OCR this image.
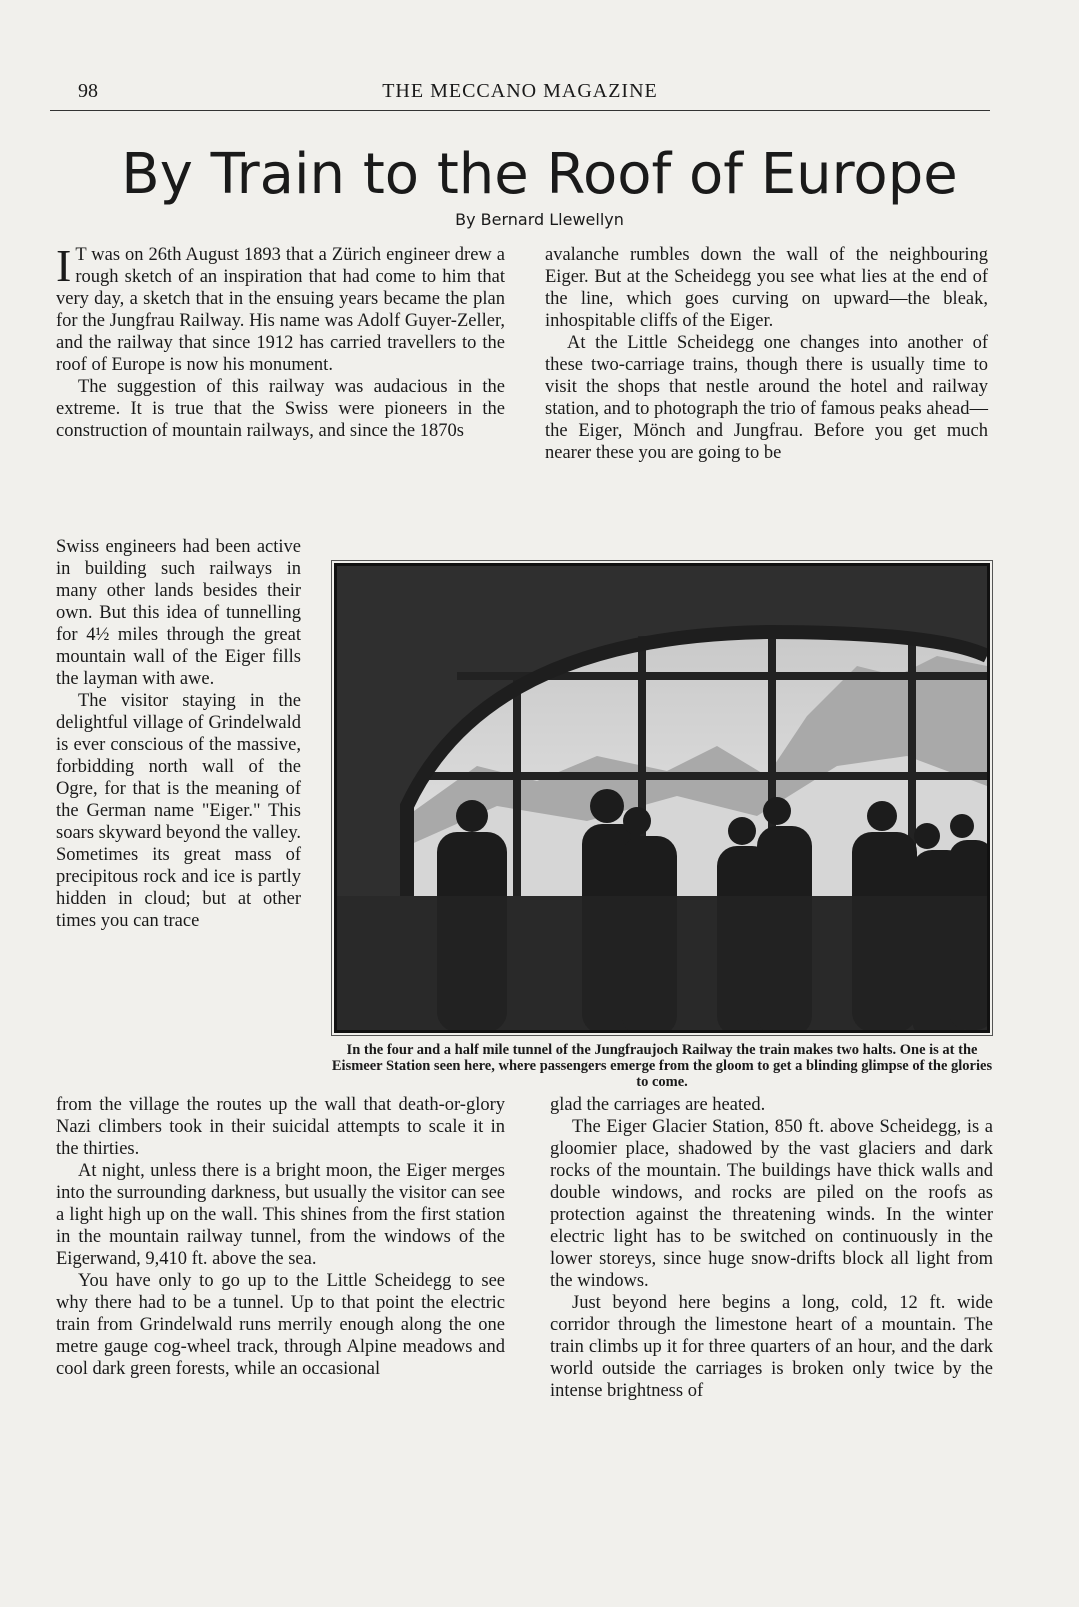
98	THE MECCANO MAGAZINE
By Train to the Roof of Europe
By Bernard Llewellyn

I T was on 26th August 1893 that a Zürich engineer drew a rough sketch of an inspiration that had come to him that very day, a sketch that in the ensuing years became the plan for the Jungfrau Railway. His name was Adolf Guyer-Zeller, and the railway that since 1912 has carried travellers to the roof of Europe is now his monument.

The suggestion of this railway was audacious in the extreme. It is true that the Swiss were pioneers in the construction of mountain railways, and since the 1870s

Swiss engineers had been active in building such railways in many other lands besides their own. But this idea of tunnelling for 4½ miles through the great mountain wall of the Eiger fills the layman with awe.

The visitor staying in the delightful village of Grindelwald is ever conscious of the massive, forbidding north wall of the Ogre, for that is the meaning of the German name "Eiger." This soars skyward beyond the valley. Sometimes its great mass of precipitous rock and ice is partly hidden in cloud; but at other times you can trace

from the village the routes up the wall that death-or-glory Nazi climbers took in their suicidal attempts to scale it in the thirties.

At night, unless there is a bright moon, the Eiger merges into the surrounding darkness, but usually the visitor can see a light high up on the wall. This shines from the first station in the mountain railway tunnel, from the windows of the Eigerwand, 9,410 ft. above the sea.

You have only to go up to the Little Scheidegg to see why there had to be a tunnel. Up to that point the electric train from Grindelwald runs merrily enough along the one metre gauge cog-wheel track, through Alpine meadows and cool dark green forests, while an occasional

avalanche rumbles down the wall of the neighbouring Eiger. But at the Scheidegg you see what lies at the end of the line, which goes curving on upward—the bleak, inhospitable cliffs of the Eiger.

At the Little Scheidegg one changes into another of these two-carriage trains, though there is usually time to visit the shops that nestle around the hotel and railway station, and to photograph the trio of famous peaks ahead—the Eiger, Mönch and Jungfrau. Before you get much nearer these you are going to be

glad the carriages are heated.

The Eiger Glacier Station, 850 ft. above Scheidegg, is a gloomier place, shadowed by the vast glaciers and dark rocks of the mountain. The buildings have thick walls and double windows, and rocks are piled on the roofs as protection against the threatening winds. In the winter electric light has to be switched on continuously in the lower storeys, since huge snow-drifts block all light from the windows.

Just beyond here begins a long, cold, 12 ft. wide corridor through the limestone heart of a mountain. The train climbs up it for three quarters of an hour, and the dark world outside the carriages is broken only twice by the intense brightness of

In the four and a half mile tunnel of the Jungfraujoch Railway the train makes two halts. One is at the Eismeer Station seen here, where passengers emerge from the gloom to get a blinding glimpse of the glories to come.
